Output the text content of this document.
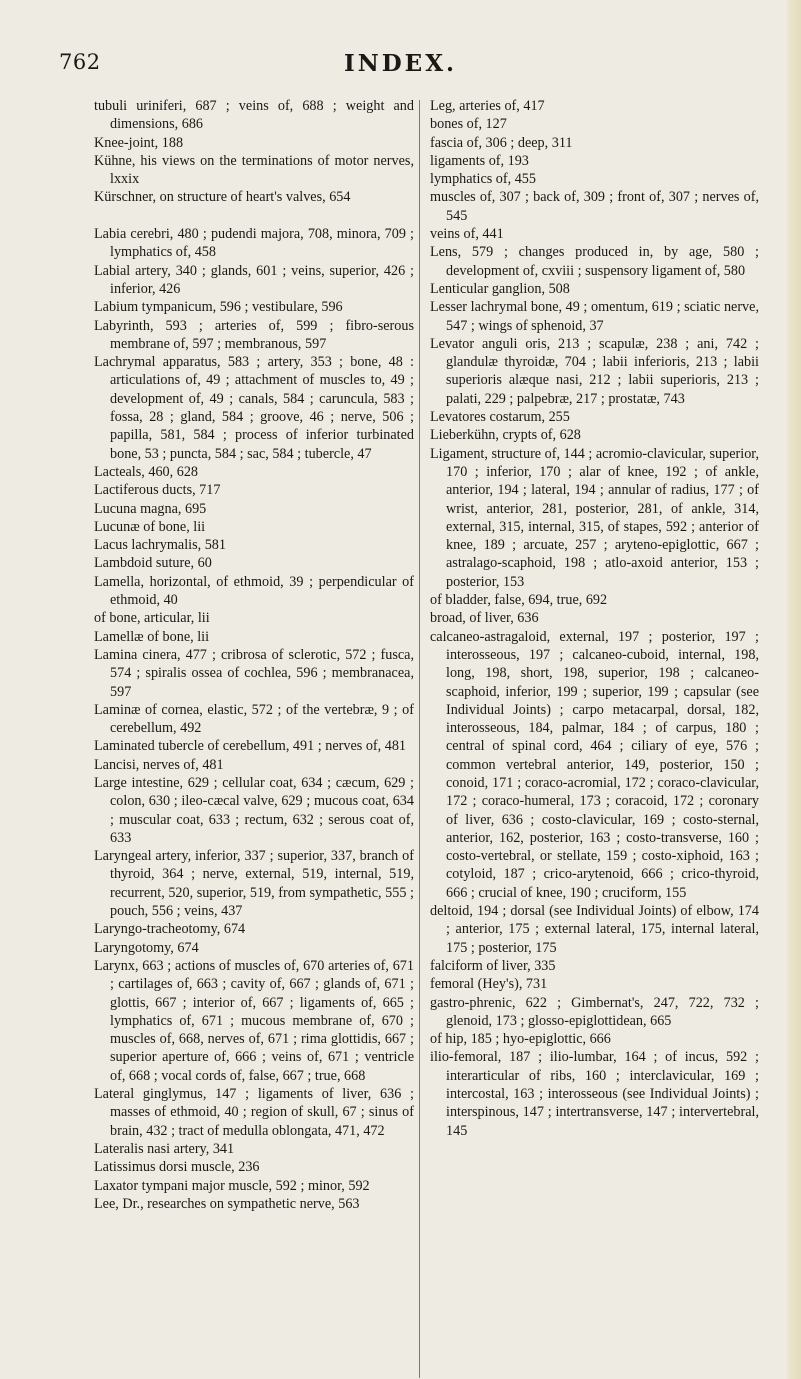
762	INDEX.
tubuli uriniferi, 687 ; veins of, 688 ; weight and dimensions, 686
Knee-joint, 188
Kühne, his views on the terminations of motor nerves, lxxix
Kürschner, on structure of heart's valves, 654
Labia cerebri, 480 ; pudendi majora, 708, minora, 709 ; lymphatics of, 458
Labial artery, 340 ; glands, 601 ; veins, superior, 426 ; inferior, 426
Labium tympanicum, 596 ; vestibulare, 596
Labyrinth, 593 ; arteries of, 599 ; fibro-serous membrane of, 597 ; membranous, 597
Lachrymal apparatus, 583 ; artery, 353 ; bone, 48 : articulations of, 49 ; attachment of muscles to, 49 ; development of, 49 ; canals, 584 ; caruncula, 583 ; fossa, 28 ; gland, 584 ; groove, 46 ; nerve, 506 ; papilla, 581, 584 ; process of inferior turbinated bone, 53 ; puncta, 584 ; sac, 584 ; tubercle, 47
Lacteals, 460, 628
Lactiferous ducts, 717
Lucuna magna, 695
Lucunæ of bone, lii
Lacus lachrymalis, 581
Lambdoid suture, 60
Lamella, horizontal, of ethmoid, 39 ; perpendicular of ethmoid, 40
of bone, articular, lii
Lamellæ of bone, lii
Lamina cinera, 477 ; cribrosa of sclerotic, 572 ; fusca, 574 ; spiralis ossea of cochlea, 596 ; membranacea, 597
Laminæ of cornea, elastic, 572 ; of the vertebræ, 9 ; of cerebellum, 492
Laminated tubercle of cerebellum, 491 ; nerves of, 481
Lancisi, nerves of, 481
Large intestine, 629 ; cellular coat, 634 ; cæcum, 629 ; colon, 630 ; ileo-cæcal valve, 629 ; mucous coat, 634 ; muscular coat, 633 ; rectum, 632 ; serous coat of, 633
Laryngeal artery, inferior, 337 ; superior, 337, branch of thyroid, 364 ; nerve, external, 519, internal, 519, recurrent, 520, superior, 519, from sympathetic, 555 ; pouch, 556 ; veins, 437
Laryngo-tracheotomy, 674
Laryngotomy, 674
Larynx, 663 ; actions of muscles of, 670 arteries of, 671 ; cartilages of, 663 ; cavity of, 667 ; glands of, 671 ; glottis, 667 ; interior of, 667 ; ligaments of, 665 ; lymphatics of, 671 ; mucous membrane of, 670 ; muscles of, 668, nerves of, 671 ; rima glottidis, 667 ; superior aperture of, 666 ; veins of, 671 ; ventricle of, 668 ; vocal cords of, false, 667 ; true, 668
Lateral ginglymus, 147 ; ligaments of liver, 636 ; masses of ethmoid, 40 ; region of skull, 67 ; sinus of brain, 432 ; tract of medulla oblongata, 471, 472
Lateralis nasi artery, 341
Latissimus dorsi muscle, 236
Laxator tympani major muscle, 592 ; minor, 592
Lee, Dr., researches on sympathetic nerve, 563
Leg, arteries of, 417
bones of, 127
fascia of, 306 ; deep, 311
ligaments of, 193
lymphatics of, 455
muscles of, 307 ; back of, 309 ; front of, 307 ; nerves of, 545
veins of, 441
Lens, 579 ; changes produced in, by age, 580 ; development of, cxviii ; suspensory ligament of, 580
Lenticular ganglion, 508
Lesser lachrymal bone, 49 ; omentum, 619 ; sciatic nerve, 547 ; wings of sphenoid, 37
Levator anguli oris, 213 ; scapulæ, 238 ; ani, 742 ; glandulæ thyroidæ, 704 ; labii inferioris, 213 ; labii superioris alæque nasi, 212 ; labii superioris, 213 ; palati, 229 ; palpebræ, 217 ; prostatæ, 743
Levatores costarum, 255
Lieberkühn, crypts of, 628
Ligament, structure of, 144 ; acromio-clavicular, superior, 170 ; inferior, 170 ; alar of knee, 192 ; of ankle, anterior, 194 ; lateral, 194 ; annular of radius, 177 ; of wrist, anterior, 281, posterior, 281, of ankle, 314, external, 315, internal, 315, of stapes, 592 ; anterior of knee, 189 ; arcuate, 257 ; aryteno-epiglottic, 667 ; astralago-scaphoid, 198 ; atlo-axoid anterior, 153 ; posterior, 153
of bladder, false, 694, true, 692
broad, of liver, 636
calcaneo-astragaloid, external, 197 ; posterior, 197 ; interosseous, 197 ; calcaneo-cuboid, internal, 198, long, 198, short, 198, superior, 198 ; calcaneo-scaphoid, inferior, 199 ; superior, 199 ; capsular (see Individual Joints) ; carpo metacarpal, dorsal, 182, interosseous, 184, palmar, 184 ; of carpus, 180 ; central of spinal cord, 464 ; ciliary of eye, 576 ; common vertebral anterior, 149, posterior, 150 ; conoid, 171 ; coraco-acromial, 172 ; coraco-clavicular, 172 ; coraco-humeral, 173 ; coracoid, 172 ; coronary of liver, 636 ; costo-clavicular, 169 ; costo-sternal, anterior, 162, posterior, 163 ; costo-transverse, 160 ; costo-vertebral, or stellate, 159 ; costo-xiphoid, 163 ; cotyloid, 187 ; crico-arytenoid, 666 ; crico-thyroid, 666 ; crucial of knee, 190 ; cruciform, 155
deltoid, 194 ; dorsal (see Individual Joints) of elbow, 174 ; anterior, 175 ; external lateral, 175, internal lateral, 175 ; posterior, 175
falciform of liver, 335
femoral (Hey's), 731
gastro-phrenic, 622 ; Gimbernat's, 247, 722, 732 ; glenoid, 173 ; glosso-epiglottidean, 665
of hip, 185 ; hyo-epiglottic, 666
ilio-femoral, 187 ; ilio-lumbar, 164 ; of incus, 592 ; interarticular of ribs, 160 ; interclavicular, 169 ; intercostal, 163 ; interosseous (see Individual Joints) ; interspinous, 147 ; intertransverse, 147 ; intervertebral, 145
